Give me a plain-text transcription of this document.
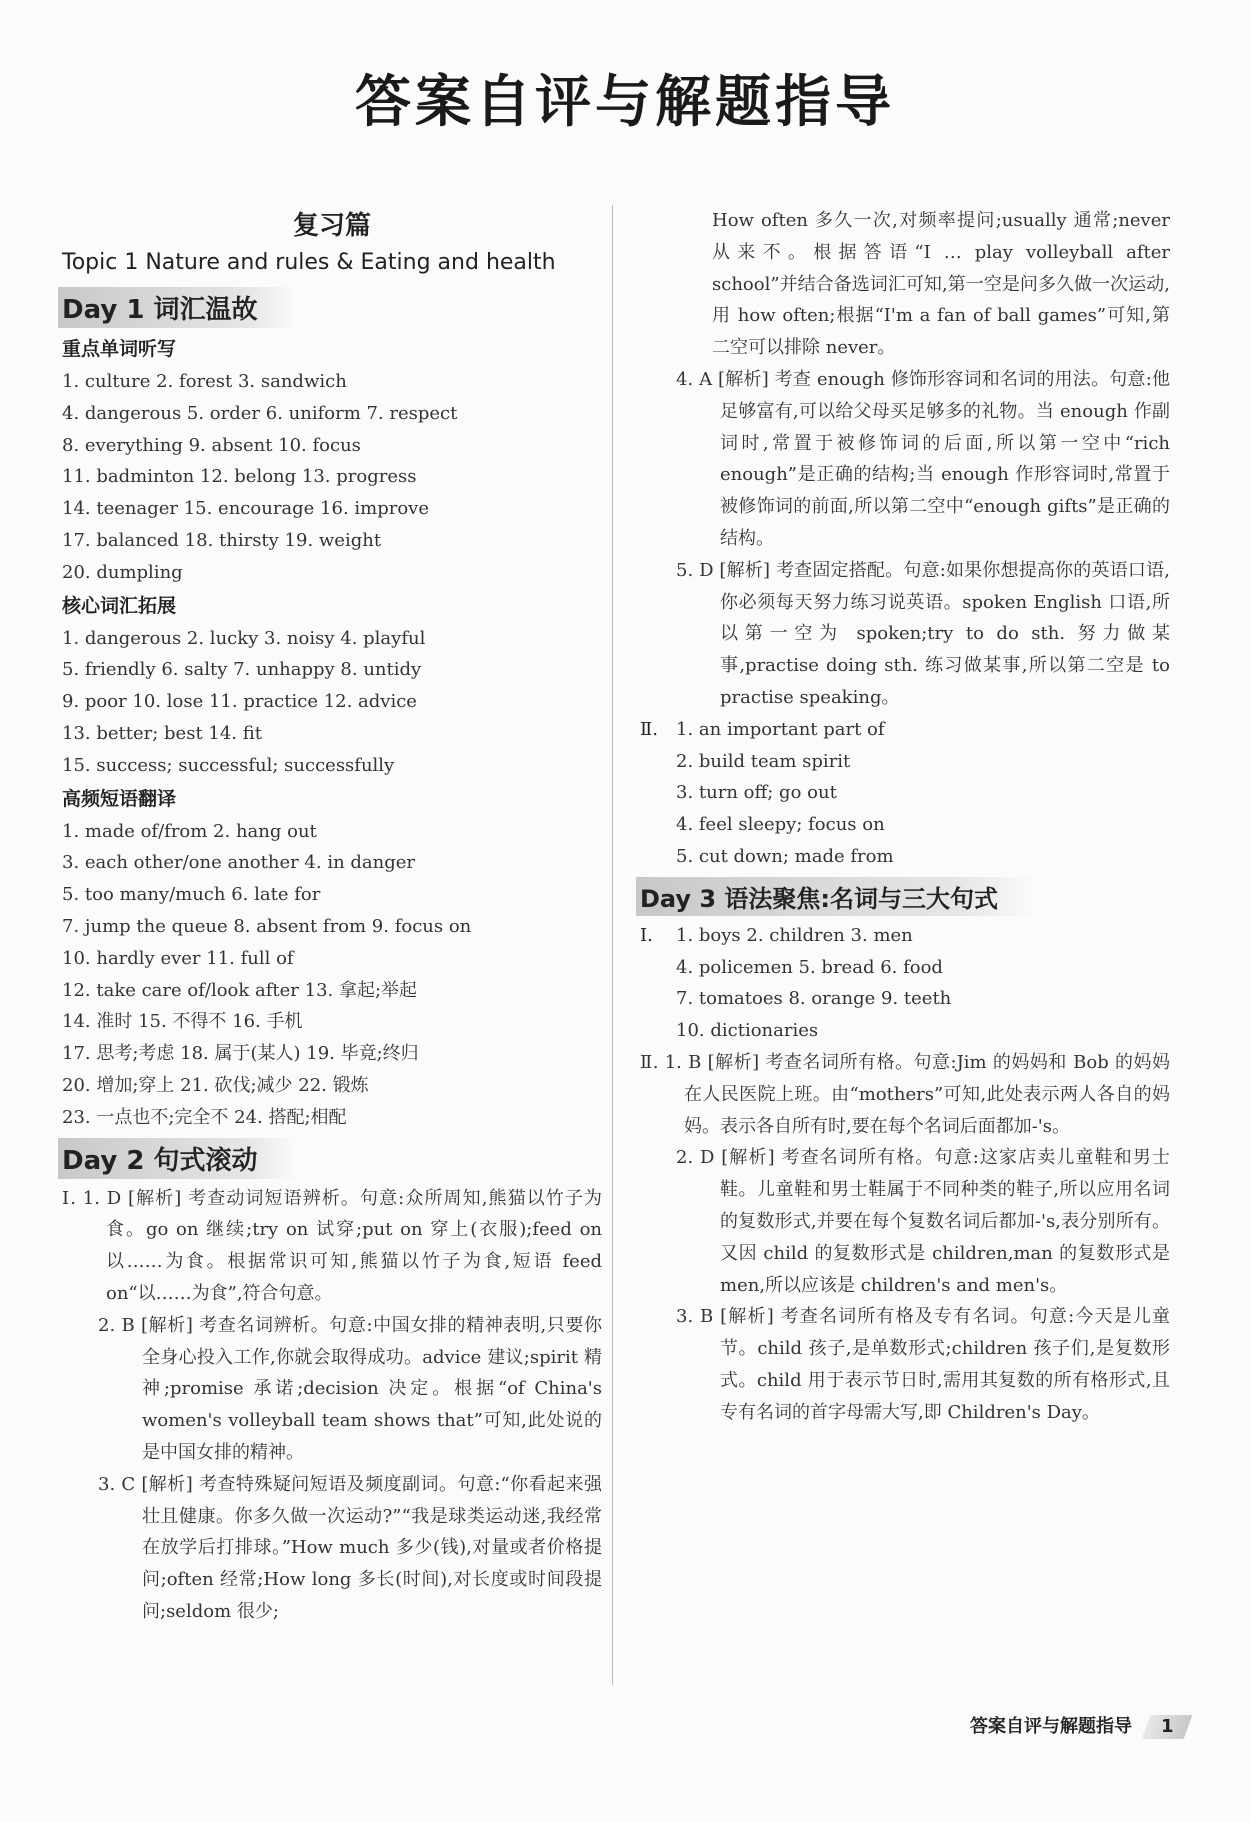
答案自评与解题指导
复习篇
Topic 1 Nature and rules & Eating and health
Day 1 词汇温故
重点单词听写
1. culture 2. forest 3. sandwich
4. dangerous 5. order 6. uniform 7. respect
8. everything 9. absent 10. focus
11. badminton 12. belong 13. progress
14. teenager 15. encourage 16. improve
17. balanced 18. thirsty 19. weight
20. dumpling
核心词汇拓展
1. dangerous 2. lucky 3. noisy 4. playful
5. friendly 6. salty 7. unhappy 8. untidy
9. poor 10. lose 11. practice 12. advice
13. better; best 14. fit
15. success; successful; successfully
高频短语翻译
1. made of/from 2. hang out
3. each other/one another 4. in danger
5. too many/much 6. late for
7. jump the queue 8. absent from 9. focus on
10. hardly ever 11. full of
12. take care of/look after 13. 拿起;举起
14. 准时 15. 不得不 16. 手机
17. 思考;考虑 18. 属于(某人) 19. 毕竟;终归
20. 增加;穿上 21. 砍伐;减少 22. 锻炼
23. 一点也不;完全不 24. 搭配;相配
Day 2 句式滚动
Ⅰ. 1. D [解析] 考查动词短语辨析。句意:众所周知,熊猫以竹子为食。go on 继续;try on 试穿;put on 穿上(衣服);feed on 以……为食。根据常识可知,熊猫以竹子为食,短语 feed on“以……为食”,符合句意。
2. B [解析] 考查名词辨析。句意:中国女排的精神表明,只要你全身心投入工作,你就会取得成功。advice 建议;spirit 精神;promise 承诺;decision 决定。根据“of China's women's volleyball team shows that”可知,此处说的是中国女排的精神。
3. C [解析] 考查特殊疑问短语及频度副词。句意:“你看起来强壮且健康。你多久做一次运动?”“我是球类运动迷,我经常在放学后打排球。”How much 多少(钱),对量或者价格提问;often 经常;How long 多长(时间),对长度或时间段提问;seldom 很少;
How often 多久一次,对频率提问;usually 通常;never 从来不。根据答语“I … play volleyball after school”并结合备选词汇可知,第一空是问多久做一次运动,用 how often;根据“I'm a fan of ball games”可知,第二空可以排除 never。
4. A [解析] 考查 enough 修饰形容词和名词的用法。句意:他足够富有,可以给父母买足够多的礼物。当 enough 作副词时,常置于被修饰词的后面,所以第一空中“rich enough”是正确的结构;当 enough 作形容词时,常置于被修饰词的前面,所以第二空中“enough gifts”是正确的结构。
5. D [解析] 考查固定搭配。句意:如果你想提高你的英语口语,你必须每天努力练习说英语。spoken English 口语,所以第一空为 spoken;try to do sth. 努力做某事,practise doing sth. 练习做某事,所以第二空是 to practise speaking。
Ⅱ. 1. an important part of
2. build team spirit
3. turn off; go out
4. feel sleepy; focus on
5. cut down; made from
Day 3 语法聚焦:名词与三大句式
Ⅰ. 1. boys 2. children 3. men
4. policemen 5. bread 6. food
7. tomatoes 8. orange 9. teeth
10. dictionaries
Ⅱ. 1. B [解析] 考查名词所有格。句意:Jim 的妈妈和 Bob 的妈妈在人民医院上班。由“mothers”可知,此处表示两人各自的妈妈。表示各自所有时,要在每个名词后面都加-'s。
2. D [解析] 考查名词所有格。句意:这家店卖儿童鞋和男士鞋。儿童鞋和男士鞋属于不同种类的鞋子,所以应用名词的复数形式,并要在每个复数名词后都加-'s,表分别所有。又因 child 的复数形式是 children,man 的复数形式是 men,所以应该是 children's and men's。
3. B [解析] 考查名词所有格及专有名词。句意:今天是儿童节。child 孩子,是单数形式;children 孩子们,是复数形式。child 用于表示节日时,需用其复数的所有格形式,且专有名词的首字母需大写,即 Children's Day。
答案自评与解题指导 1
